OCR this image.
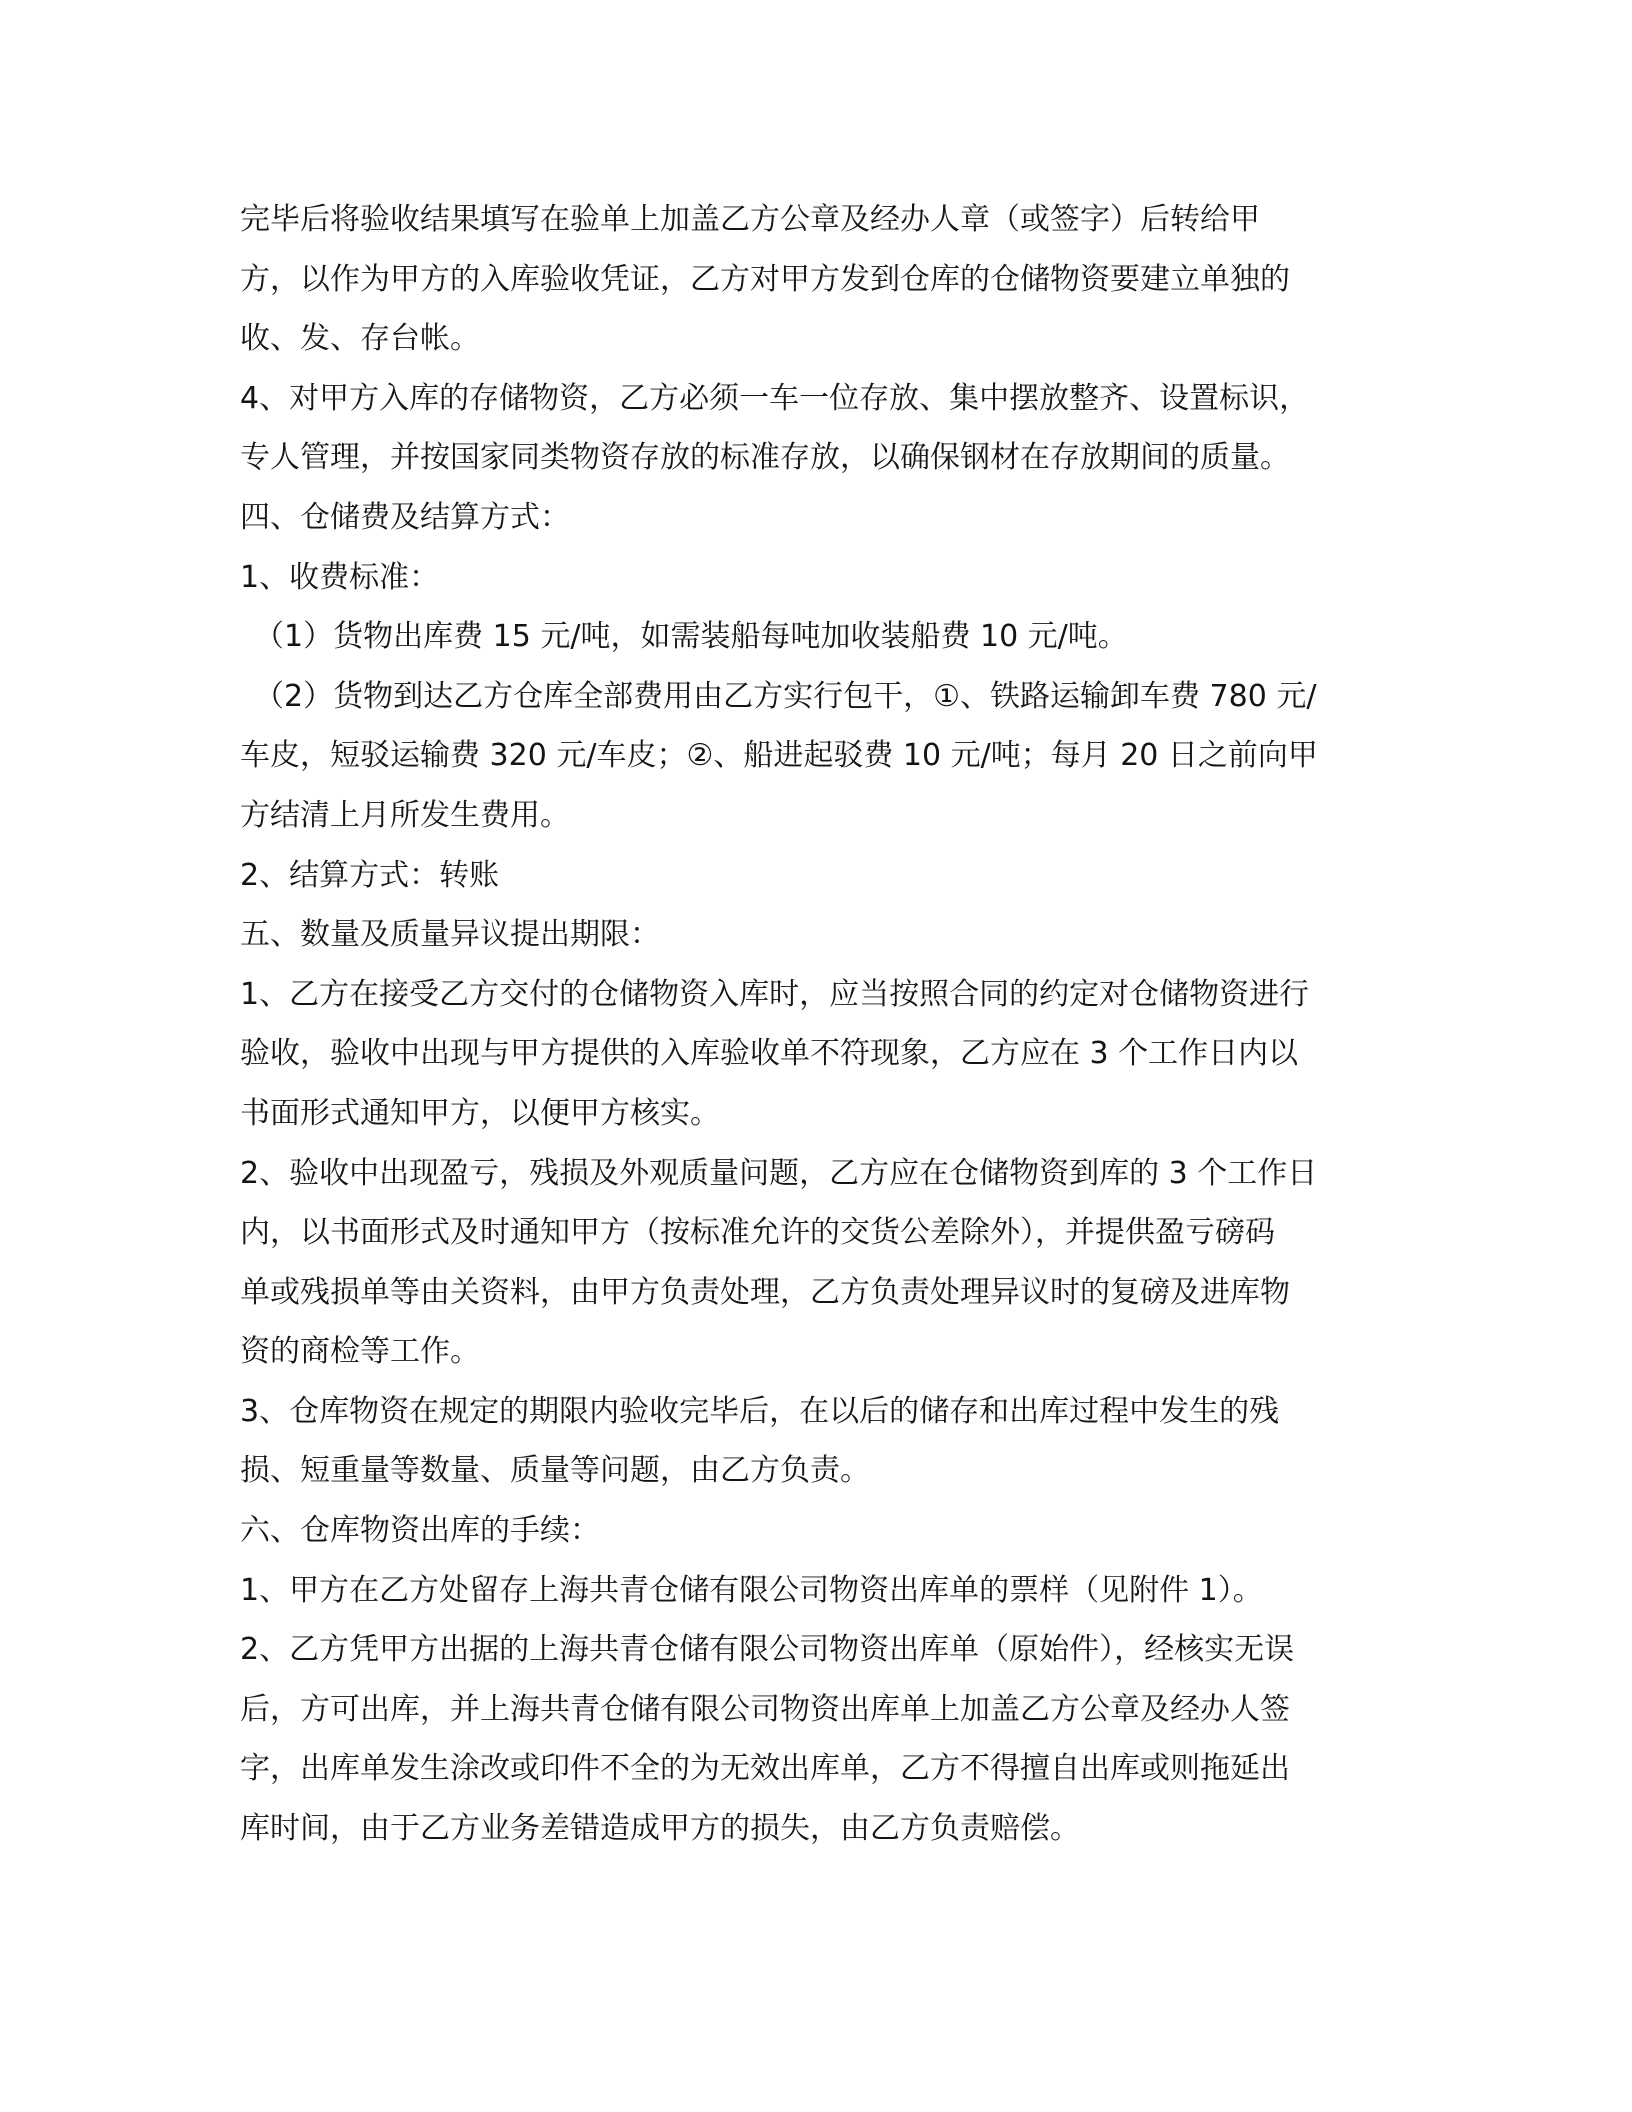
完毕后将验收结果填写在验单上加盖乙方公章及经办人章（或签字）后转给甲
方，以作为甲方的入库验收凭证，乙方对甲方发到仓库的仓储物资要建立单独的
收、发、存台帐。
4、对甲方入库的存储物资，乙方必须一车一位存放、集中摆放整齐、设置标识，
专人管理，并按国家同类物资存放的标准存放，以确保钢材在存放期间的质量。
四、仓储费及结算方式：
1、收费标准：
（1）货物出库费 15 元/吨，如需装船每吨加收装船费 10 元/吨。
（2）货物到达乙方仓库全部费用由乙方实行包干，①、铁路运输卸车费 780 元/
车皮，短驳运输费 320 元/车皮；②、船进起驳费 10 元/吨；每月 20 日之前向甲
方结清上月所发生费用。
2、结算方式：转账
五、数量及质量异议提出期限：
1、乙方在接受乙方交付的仓储物资入库时，应当按照合同的约定对仓储物资进行
验收，验收中出现与甲方提供的入库验收单不符现象，乙方应在 3 个工作日内以
书面形式通知甲方，以便甲方核实。
2、验收中出现盈亏，残损及外观质量问题，乙方应在仓储物资到库的 3 个工作日
内，以书面形式及时通知甲方（按标准允许的交货公差除外），并提供盈亏磅码
单或残损单等由关资料，由甲方负责处理，乙方负责处理异议时的复磅及进库物
资的商检等工作。
3、仓库物资在规定的期限内验收完毕后，在以后的储存和出库过程中发生的残
损、短重量等数量、质量等问题，由乙方负责。
六、仓库物资出库的手续：
1、甲方在乙方处留存上海共青仓储有限公司物资出库单的票样（见附件 1）。
2、乙方凭甲方出据的上海共青仓储有限公司物资出库单（原始件），经核实无误
后，方可出库，并上海共青仓储有限公司物资出库单上加盖乙方公章及经办人签
字，出库单发生涂改或印件不全的为无效出库单，乙方不得擅自出库或则拖延出
库时间，由于乙方业务差错造成甲方的损失，由乙方负责赔偿。
